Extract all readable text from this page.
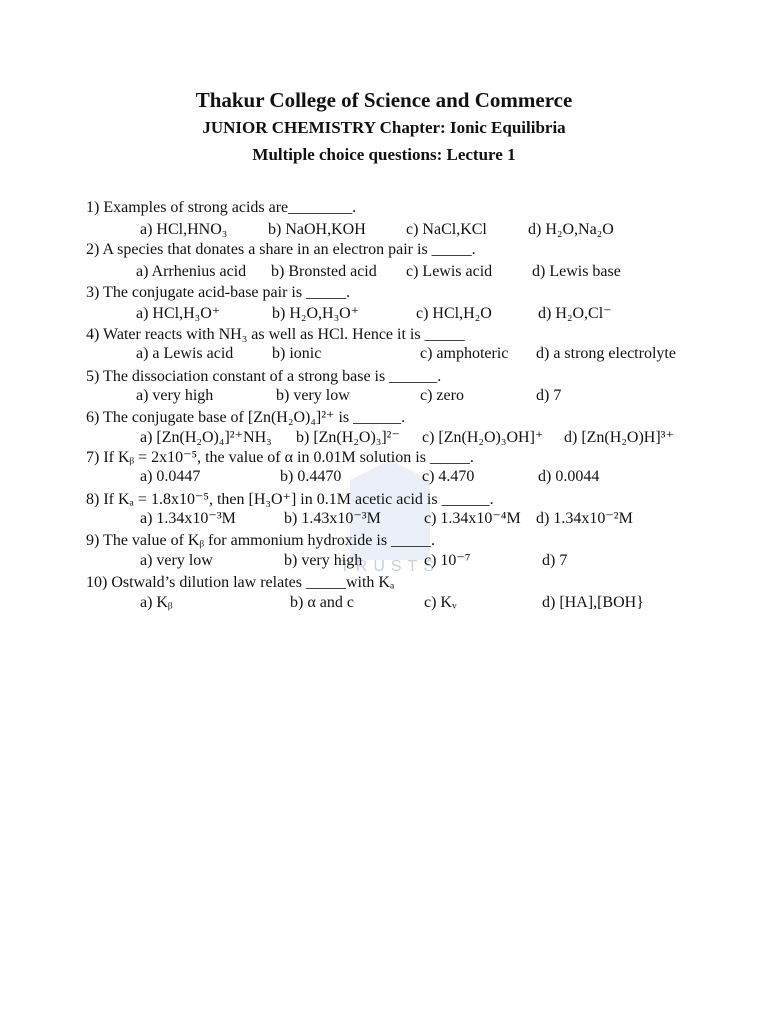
TRUSTS
Thakur College of Science and Commerce
JUNIOR CHEMISTRY Chapter: Ionic Equilibria
Multiple choice questions: Lecture 1
1) Examples of strong acids are________.
a) HCl,HNO₃	b) NaOH,KOH	c) NaCl,KCl	d) H₂O,Na₂O
2) A species that donates a share in an electron pair is _____.
a) Arrhenius acid b) Bronsted acid c) Lewis acid d) Lewis base
3) The conjugate acid-base pair is _____.
a) HCl,H₃O⁺	b) H₂O,H₃O⁺	c) HCl,H₂O	d) H₂O,Cl⁻
4) Water reacts with NH₃ as well as HCl. Hence it is _____
a) a Lewis acid b) ionic	c) amphoteric d) a strong electrolyte
5) The dissociation constant of a strong base is ______.
a) very high	b) very low	c) zero	d) 7
6) The conjugate base of [Zn(H₂O)₄]²⁺ is ______.
a) [Zn(H₂O)₄]²⁺NH₃ b) [Zn(H₂O)₃]²⁻ c) [Zn(H₂O)₃OH]⁺ d) [Zn(H₂O)H]³⁺
7) If Kᵦ = 2x10⁻⁵, the value of α in 0.01M solution is _____.
a) 0.0447	b) 0.4470	c) 4.470	d) 0.0044
8) If Kₐ = 1.8x10⁻⁵, then [H₃O⁺] in 0.1M acetic acid is ______.
a) 1.34x10⁻³M	b) 1.43x10⁻³M	c) 1.34x10⁻⁴M d) 1.34x10⁻²M
9) The value of Kᵦ for ammonium hydroxide is _____.
a) very low	b) very high	c) 10⁻⁷	d) 7
10) Ostwald’s dilution law relates _____with Kₐ
a) Kᵦ	b) α and c	c) Kᵥ	d) [HA],[BOH}
